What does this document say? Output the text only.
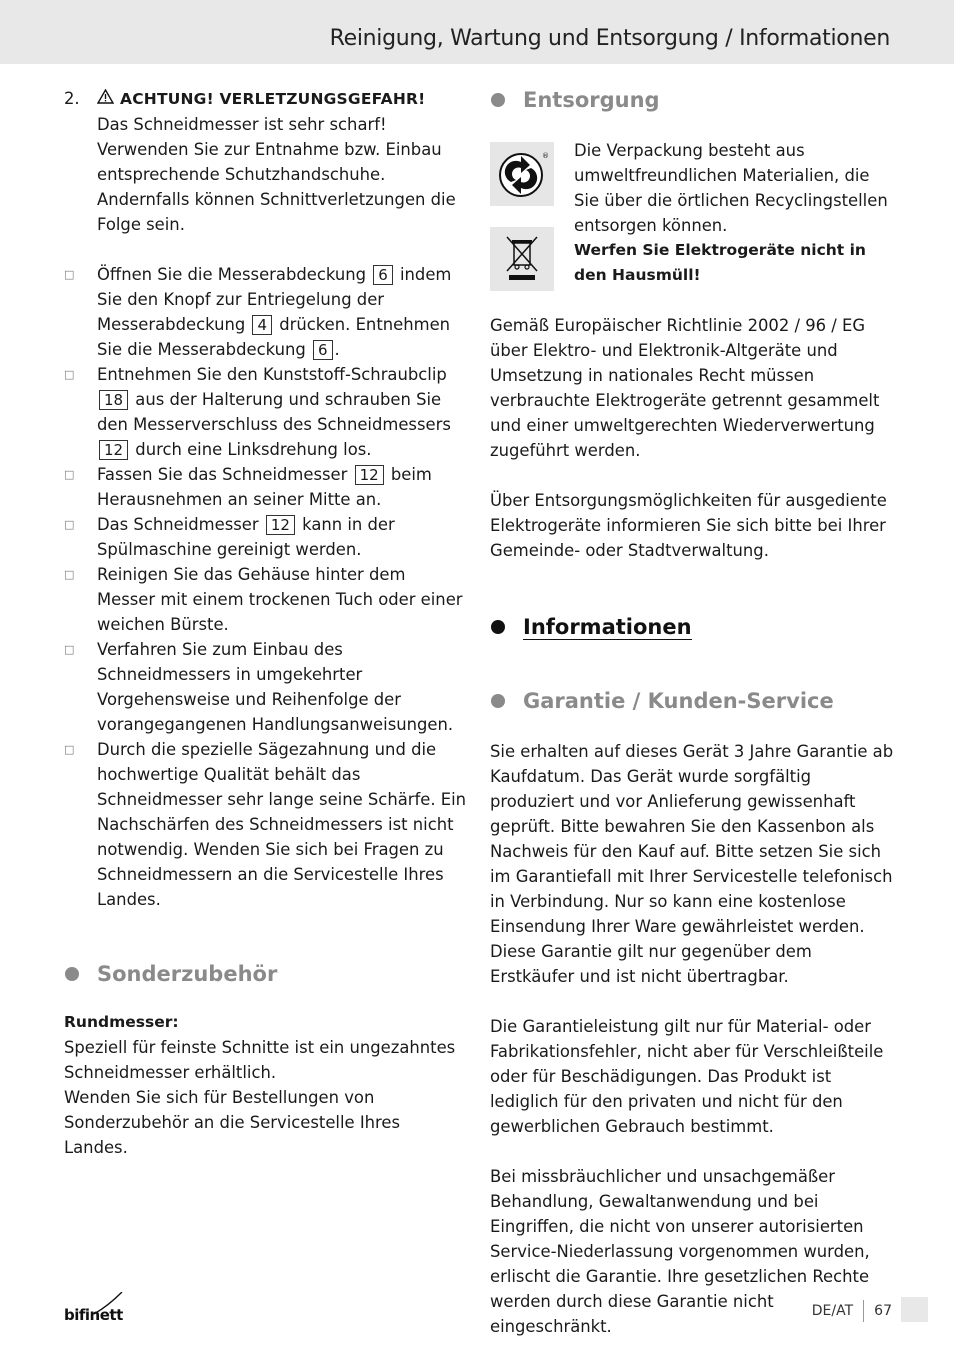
Reinigung, Wartung und Entsorgung / Informationen
2.	ACHTUNG! VERLETZUNGSGEFAHR!

Das Schneidmesser ist sehr scharf! Verwenden Sie zur Entnahme bzw. Einbau entsprechende Schutzhandschuhe. Andernfalls können Schnittverletzungen die Folge sein.

□ Öffnen Sie die Messerabdeckung 6 indem Sie den Knopf zur Entriegelung der Messerabdeckung 4 drücken. Entnehmen Sie die Messerabdeckung 6 .
□ Entnehmen Sie den Kunststoff-Schraubclip 18 aus der Halterung und schrauben Sie den Messerverschluss des Schneidmessers 12 durch eine Linksdrehung los.
□ Fassen Sie das Schneidmesser 12 beim Herausnehmen an seiner Mitte an.
□ Das Schneidmesser 12 kann in der Spülmaschine gereinigt werden.
□ Reinigen Sie das Gehäuse hinter dem Messer mit einem trockenen Tuch oder einer weichen Bürste.
□ Verfahren Sie zum Einbau des Schneidmessers in umgekehrter Vorgehensweise und Reihenfolge der vorangegangenen Handlungsanweisungen.
□ Durch die spezielle Sägezahnung und die hochwertige Qualität behält das Schneidmesser sehr lange seine Schärfe. Ein Nachschärfen des Schneidmessers ist nicht notwendig. Wenden Sie sich bei Fragen zu Schneidmessern an die Servicestelle Ihres Landes.
Sonderzubehör

Rundmesser:

Speziell für feinste Schnitte ist ein ungezahntes Schneidmesser erhältlich.

Wenden Sie sich für Bestellungen von Sonderzubehör an die Servicestelle Ihres Landes.

Entsorgung
® Die Verpackung besteht aus umweltfreundlichen Materialien, die Sie über die örtlichen Recyclingstellen entsorgen können.

Werfen Sie Elektrogeräte nicht in den Hausmüll!

Gemäß Europäischer Richtlinie 2002 / 96 / EG über Elektro- und Elektronik-Altgeräte und Umsetzung in nationales Recht müssen verbrauchte Elektrogeräte getrennt gesammelt und einer umweltgerechten Wiederverwertung zugeführt werden.

Über Entsorgungsmöglichkeiten für ausgediente Elektrogeräte informieren Sie sich bitte bei Ihrer Gemeinde- oder Stadtverwaltung.

Informationen
Garantie / Kunden-Service

Sie erhalten auf dieses Gerät 3 Jahre Garantie ab Kaufdatum. Das Gerät wurde sorgfältig produziert und vor Anlieferung gewissenhaft geprüft. Bitte bewahren Sie den Kassenbon als Nachweis für den Kauf auf. Bitte setzen Sie sich im Garantiefall mit Ihrer Servicestelle telefonisch in Verbindung. Nur so kann eine kostenlose Einsendung Ihrer Ware gewährleistet werden. Diese Garantie gilt nur gegenüber dem Erstkäufer und ist nicht übertragbar.

Die Garantieleistung gilt nur für Material- oder Fabrikationsfehler, nicht aber für Verschleißteile oder für Beschädigungen. Das Produkt ist lediglich für den privaten und nicht für den gewerblichen Gebrauch bestimmt.

Bei missbräuchlicher und unsachgemäßer Behandlung, Gewaltanwendung und bei Eingriffen, die nicht von unserer autorisierten Service-Niederlassung vorgenommen wurden, erlischt die Garantie. Ihre gesetzlichen Rechte werden durch diese Garantie nicht eingeschränkt.

bifinett	DE/AT 67
